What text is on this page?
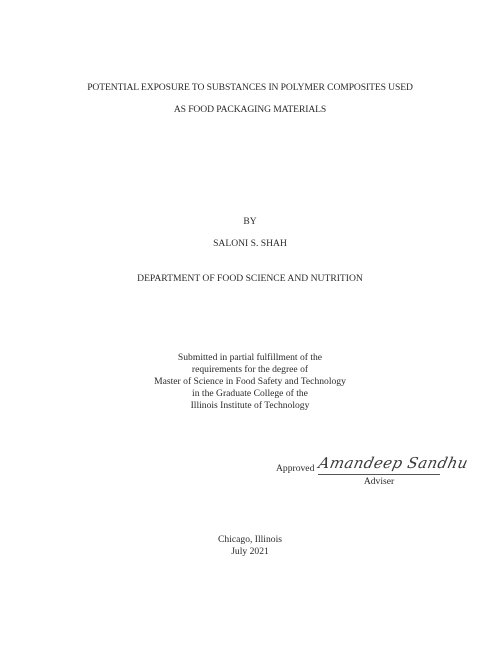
POTENTIAL EXPOSURE TO SUBSTANCES IN POLYMER COMPOSITES USED
AS FOOD PACKAGING MATERIALS
BY
SALONI S. SHAH
DEPARTMENT OF FOOD SCIENCE AND NUTRITION
Submitted in partial fulfillment of the
requirements for the degree of
Master of Science in Food Safety and Technology
in the Graduate College of the
Illinois Institute of Technology
Approved Amandeep Sandhu
Adviser
Chicago, Illinois
July 2021
